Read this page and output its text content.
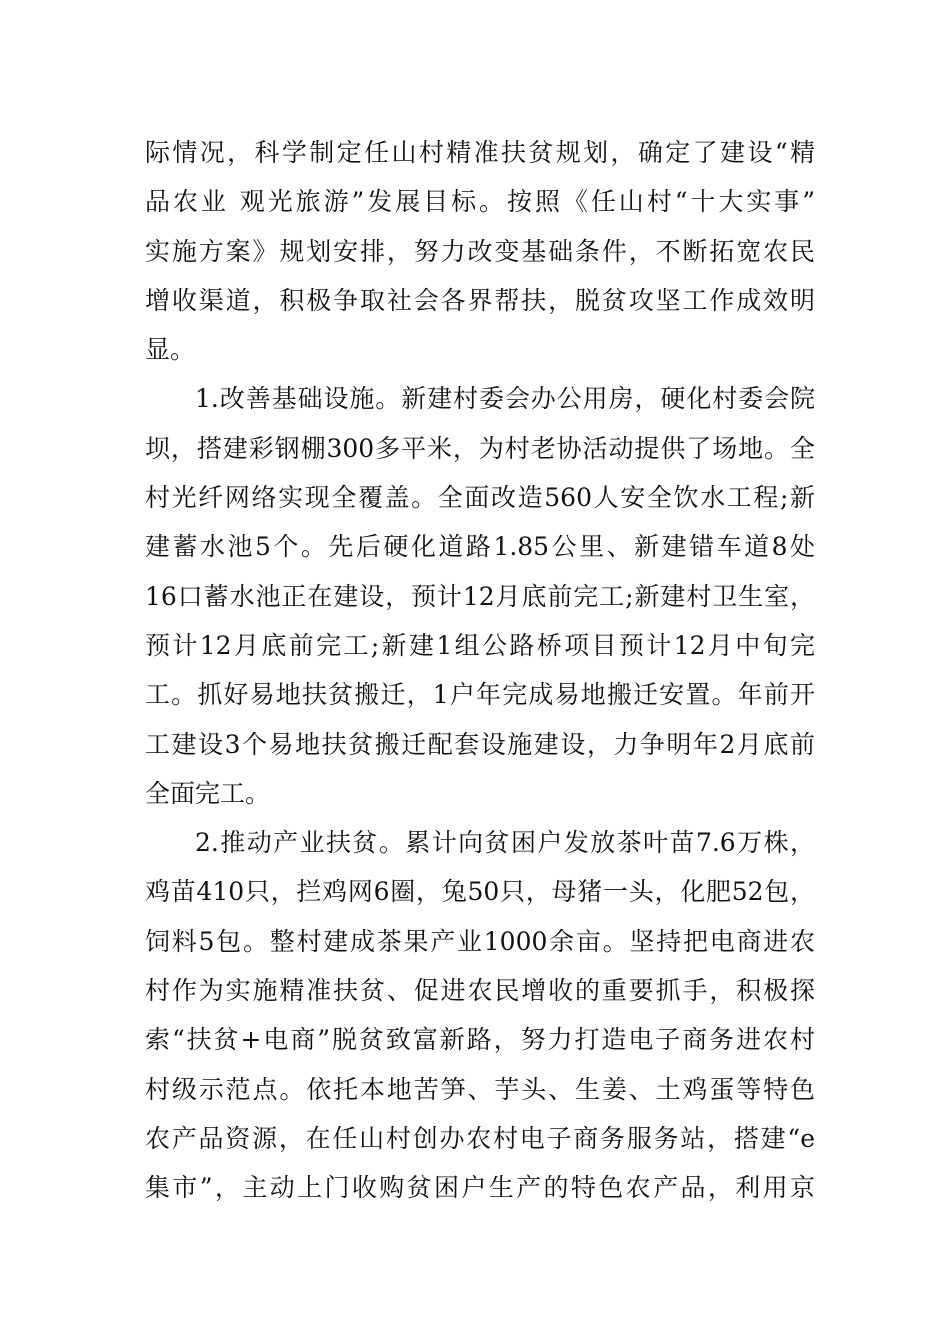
际情况，科学制定任山村精准扶贫规划，确定了建设“精
品农业 观光旅游”发展目标。按照《任山村“十大实事”
实施方案》规划安排，努力改变基础条件，不断拓宽农民
增收渠道，积极争取社会各界帮扶，脱贫攻坚工作成效明
显。

1.改善基础设施。新建村委会办公用房，硬化村委会院
坝，搭建彩钢棚300多平米，为村老协活动提供了场地。全
村光纤网络实现全覆盖。全面改造560人安全饮水工程;新
建蓄水池5个。先后硬化道路1.85公里、新建错车道8处
16口蓄水池正在建设，预计12月底前完工;新建村卫生室，
预计12月底前完工;新建1组公路桥项目预计12月中旬完
工。抓好易地扶贫搬迁，1户年完成易地搬迁安置。年前开
工建设3个易地扶贫搬迁配套设施建设，力争明年2月底前
全面完工。

2.推动产业扶贫。累计向贫困户发放茶叶苗7.6万株，
鸡苗410只，拦鸡网6圈，兔50只，母猪一头，化肥52包，
饲料5包。整村建成茶果产业1000余亩。坚持把电商进农
村作为实施精准扶贫、促进农民增收的重要抓手，积极探
索“扶贫+电商”脱贫致富新路，努力打造电子商务进农村
村级示范点。依托本地苦笋、芋头、生姜、土鸡蛋等特色
农产品资源，在任山村创办农村电子商务服务站，搭建“e
集市”，主动上门收购贫困户生产的特色农产品，利用京
